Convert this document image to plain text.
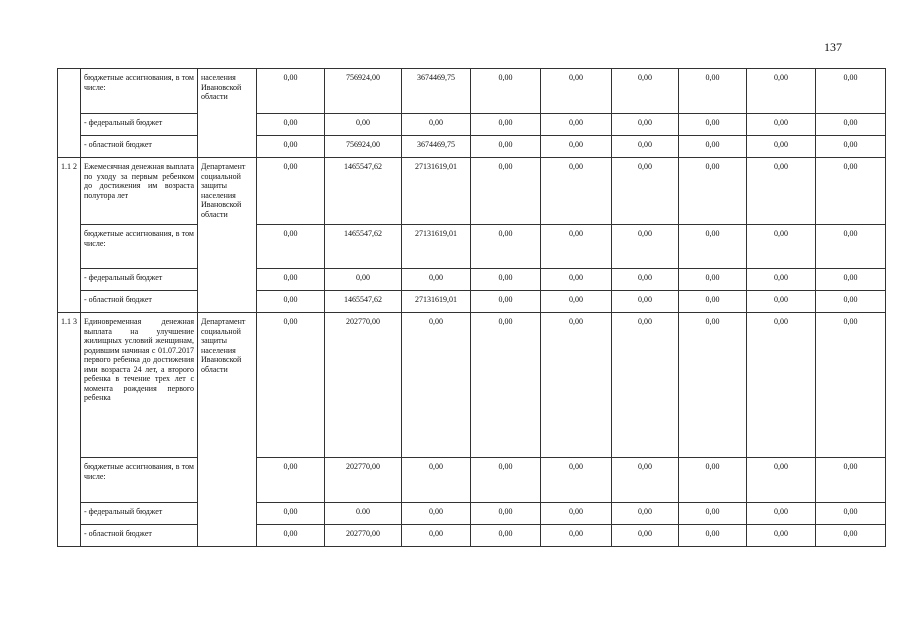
137
	бюджетные ассигнования, в том числе:	населения Ивановской области	0,00	756924,00	3674469,75	0,00	0,00	0,00	0,00	0,00	0,00
	- федеральный бюджет		0,00	0,00	0,00	0,00	0,00	0,00	0,00	0,00	0,00
	- областной бюджет		0,00	756924,00	3674469,75	0,00	0,00	0,00	0,00	0,00	0,00
1.1 2	Ежемесячная денежная выплата по уходу за первым ребенком до достижения им возраста полутора лет	Департамент социальной защиты населения Ивановской области	0,00	1465547,62	27131619,01	0,00	0,00	0,00	0,00	0,00	0,00
	бюджетные ассигнования, в том числе:		0,00	1465547,62	27131619,01	0,00	0,00	0,00	0,00	0,00	0,00
	- федеральный бюджет		0,00	0,00	0,00	0,00	0,00	0,00	0,00	0,00	0,00
	- областной бюджет		0,00	1465547,62	27131619,01	0,00	0,00	0,00	0,00	0,00	0,00
1.1 3	Единовременная денежная выплата на улучшение жилищных условий женщинам, родившим начиная с 01.07.2017 первого ребенка до достижения ими возраста 24 лет, а второго ребенка в течение трех лет с момента рождения первого ребенка	Департамент социальной защиты населения Ивановской области	0,00	202770,00	0,00	0,00	0,00	0,00	0,00	0,00	0,00
	бюджетные ассигнования, в том числе:		0,00	202770,00	0,00	0,00	0,00	0,00	0,00	0,00	0,00
	- федеральный бюджет		0,00	0.00	0,00	0,00	0,00	0,00	0,00	0,00	0,00
	- областной бюджет		0,00	202770,00	0,00	0,00	0,00	0,00	0,00	0,00	0,00
